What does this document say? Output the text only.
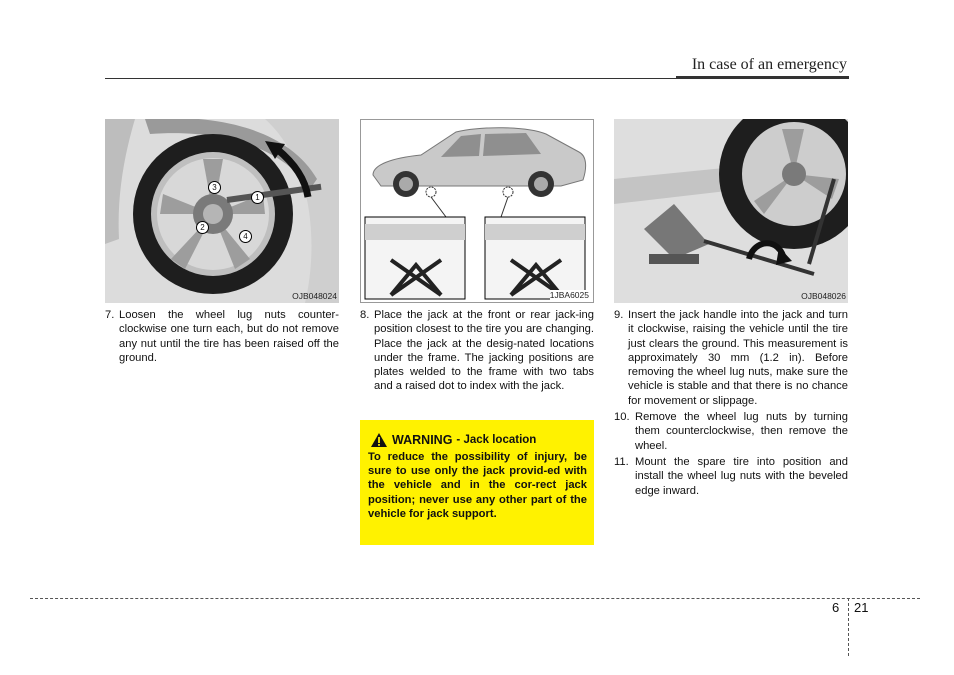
In case of an emergency
3
1
2
4
OJB048024	1JBA6025	OJB048026
7. Loosen the wheel lug nuts counter-clockwise one turn each, but do not remove any nut until the tire has been raised off the ground.
8. Place the jack at the front or rear jack-ing position closest to the tire you are changing. Place the jack at the desig-nated locations under the frame. The jacking positions are plates welded to the frame with two tabs and a raised dot to index with the jack.
WARNING - Jack location
To reduce the possibility of injury, be sure to use only the jack provid-ed with the vehicle and in the cor-rect jack position; never use any other part of the vehicle for jack support.
9. Insert the jack handle into the jack and turn it clockwise, raising the vehicle until the tire just clears the ground. This measurement is approximately 30 mm (1.2 in). Before removing the wheel lug nuts, make sure the vehicle is stable and that there is no chance for movement or slippage.
10. Remove the wheel lug nuts by turning them counterclockwise, then remove the wheel.
11. Mount the spare tire into position and install the wheel lug nuts with the beveled edge inward.
6 21
